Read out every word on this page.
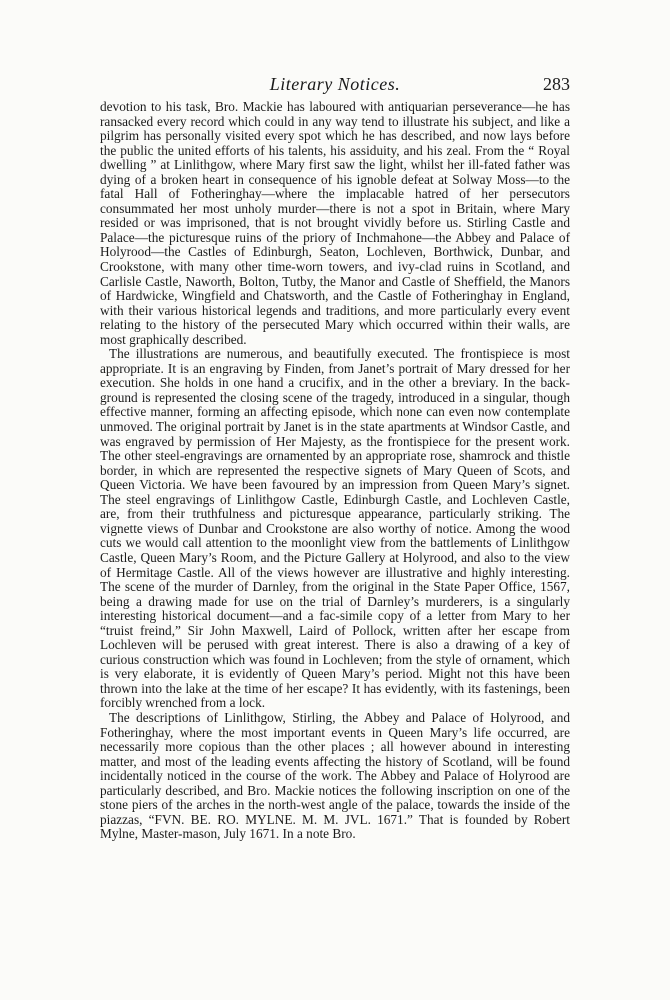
Literary Notices.	283

devotion to his task, Bro. Mackie has laboured with antiquarian perseverance—he has ransacked every record which could in any way tend to illustrate his subject, and like a pilgrim has personally visited every spot which he has described, and now lays before the public the united efforts of his talents, his assiduity, and his zeal. From the “ Royal dwelling ” at Linlithgow, where Mary first saw the light, whilst her ill-fated father was dying of a broken heart in consequence of his ignoble defeat at Solway Moss—to the fatal Hall of Fotheringhay—where the implacable hatred of her persecutors consummated her most unholy murder—there is not a spot in Britain, where Mary resided or was imprisoned, that is not brought vividly before us. Stirling Castle and Palace—the picturesque ruins of the priory of Inchmahone—the Abbey and Palace of Holyrood—the Castles of Edinburgh, Seaton, Lochleven, Borthwick, Dunbar, and Crookstone, with many other time-worn towers, and ivy-clad ruins in Scotland, and Carlisle Castle, Naworth, Bolton, Tutby, the Manor and Castle of Sheffield, the Manors of Hardwicke, Wingfield and Chatsworth, and the Castle of Fotheringhay in England, with their various historical legends and traditions, and more particularly every event relating to the history of the persecuted Mary which occurred within their walls, are most graphically described.

The illustrations are numerous, and beautifully executed. The frontispiece is most appropriate. It is an engraving by Finden, from Janet’s portrait of Mary dressed for her execution. She holds in one hand a crucifix, and in the other a breviary. In the back-ground is represented the closing scene of the tragedy, introduced in a singular, though effective manner, forming an affecting episode, which none can even now contemplate unmoved. The original portrait by Janet is in the state apartments at Windsor Castle, and was engraved by permission of Her Majesty, as the frontispiece for the present work. The other steel-engravings are ornamented by an appropriate rose, shamrock and thistle border, in which are represented the respective signets of Mary Queen of Scots, and Queen Victoria. We have been favoured by an impression from Queen Mary’s signet. The steel engravings of Linlithgow Castle, Edinburgh Castle, and Lochleven Castle, are, from their truthfulness and picturesque appearance, particularly striking. The vignette views of Dunbar and Crookstone are also worthy of notice. Among the wood cuts we would call attention to the moonlight view from the battlements of Linlithgow Castle, Queen Mary’s Room, and the Picture Gallery at Holyrood, and also to the view of Hermitage Castle. All of the views however are illustrative and highly interesting. The scene of the murder of Darnley, from the original in the State Paper Office, 1567, being a drawing made for use on the trial of Darnley’s murderers, is a singularly interesting historical document—and a fac-simile copy of a letter from Mary to her “truist freind,” Sir John Maxwell, Laird of Pollock, written after her escape from Lochleven will be perused with great interest. There is also a drawing of a key of curious construction which was found in Lochleven; from the style of ornament, which is very elaborate, it is evidently of Queen Mary’s period. Might not this have been thrown into the lake at the time of her escape? It has evidently, with its fastenings, been forcibly wrenched from a lock.

The descriptions of Linlithgow, Stirling, the Abbey and Palace of Holyrood, and Fotheringhay, where the most important events in Queen Mary’s life occurred, are necessarily more copious than the other places ; all however abound in interesting matter, and most of the leading events affecting the history of Scotland, will be found incidentally noticed in the course of the work. The Abbey and Palace of Holyrood are particularly described, and Bro. Mackie notices the following inscription on one of the stone piers of the arches in the north-west angle of the palace, towards the inside of the piazzas, “FVN. BE. RO. MYLNE. M. M. JVL. 1671.” That is founded by Robert Mylne, Master-mason, July 1671. In a note Bro.
